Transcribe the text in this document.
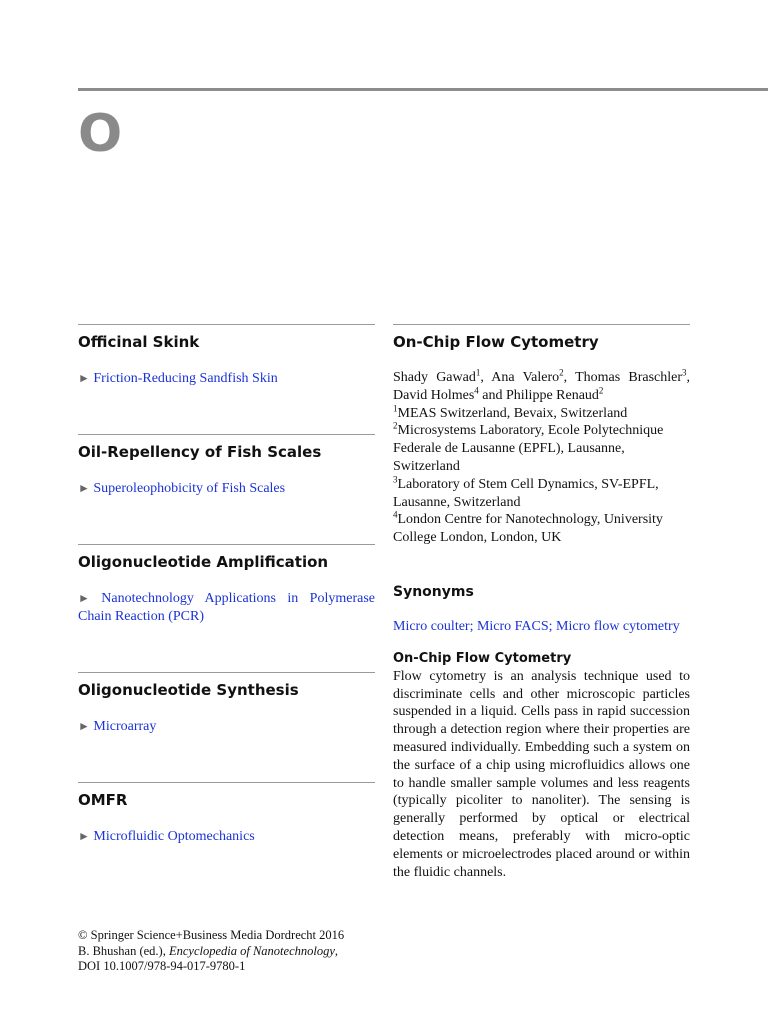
O
Officinal Skink
► Friction-Reducing Sandfish Skin
Oil-Repellency of Fish Scales
► Superoleophobicity of Fish Scales
Oligonucleotide Amplification
► Nanotechnology Applications in Polymerase Chain Reaction (PCR)
Oligonucleotide Synthesis
► Microarray
OMFR
► Microfluidic Optomechanics
On-Chip Flow Cytometry
Shady Gawad$^1$, Ana Valero$^2$, Thomas Braschler$^3$, David Holmes$^4$ and Philippe Renaud$^2$
$^1$MEAS Switzerland, Bevaix, Switzerland
$^2$Microsystems Laboratory, Ecole Polytechnique Federale de Lausanne (EPFL), Lausanne, Switzerland
$^3$Laboratory of Stem Cell Dynamics, SV-EPFL, Lausanne, Switzerland
$^4$London Centre for Nanotechnology, University College London, London, UK
Synonyms
Micro coulter; Micro FACS; Micro flow cytometry
On-Chip Flow Cytometry
Flow cytometry is an analysis technique used to discriminate cells and other microscopic particles suspended in a liquid. Cells pass in rapid succession through a detection region where their properties are measured individually. Embedding such a system on the surface of a chip using microfluidics allows one to handle smaller sample volumes and less reagents (typically picoliter to nanoliter). The sensing is generally performed by optical or electrical detection means, preferably with micro-optic elements or microelectrodes placed around or within the fluidic channels.
© Springer Science+Business Media Dordrecht 2016
B. Bhushan (ed.), Encyclopedia of Nanotechnology,
DOI 10.1007/978-94-017-9780-1
